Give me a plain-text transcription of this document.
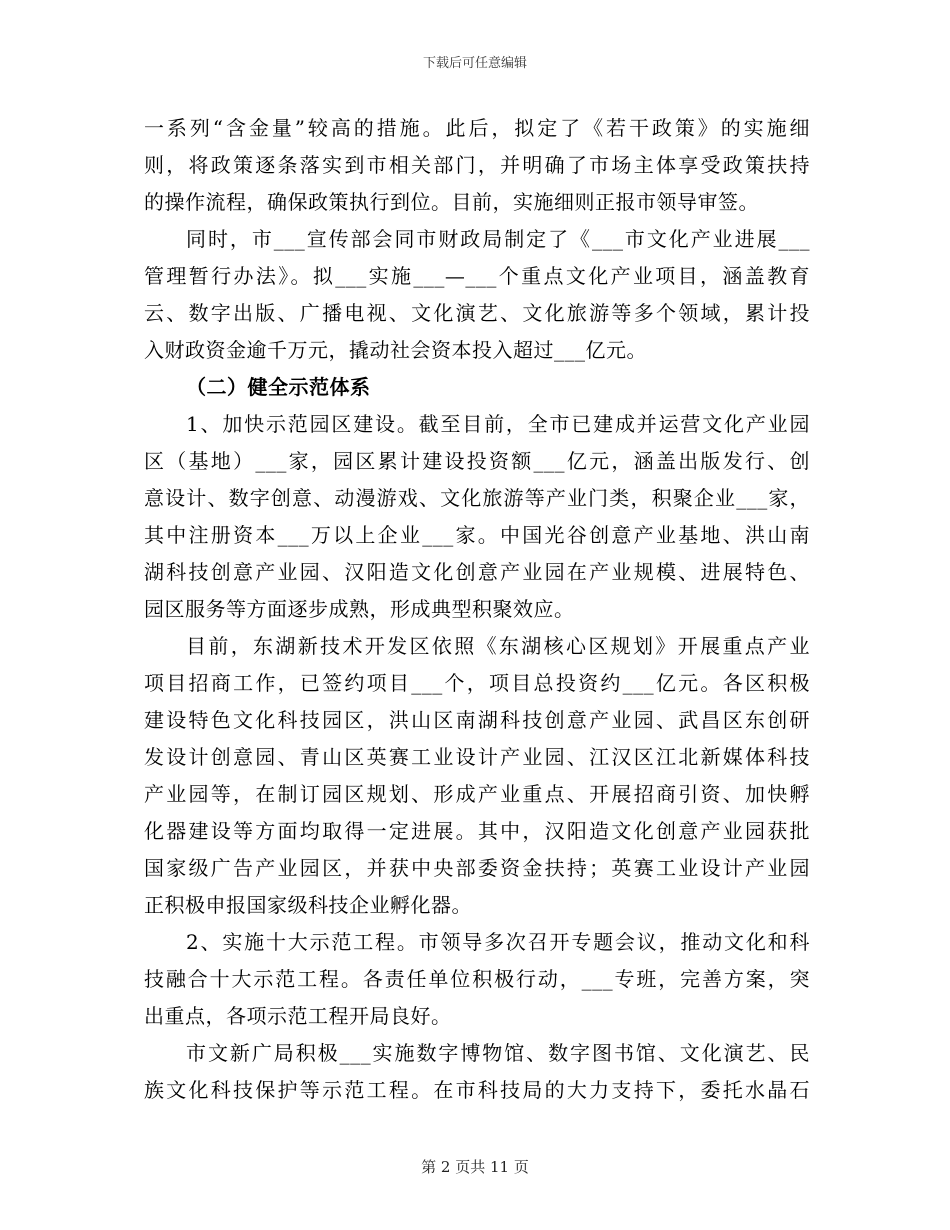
下载后可任意编辑
一系列“含金量”较高的措施。此后，拟定了《若干政策》的实施细
则，将政策逐条落实到市相关部门，并明确了市场主体享受政策扶持
的操作流程，确保政策执行到位。目前，实施细则正报市领导审签。
同时，市___宣传部会同市财政局制定了《___市文化产业进展___
管理暂行办法》。拟___实施___—___个重点文化产业项目，涵盖教育
云、数字出版、广播电视、文化演艺、文化旅游等多个领域，累计投
入财政资金逾千万元，撬动社会资本投入超过___亿元。
（二）健全示范体系
1、加快示范园区建设。截至目前，全市已建成并运营文化产业园
区（基地）___家，园区累计建设投资额___亿元，涵盖出版发行、创
意设计、数字创意、动漫游戏、文化旅游等产业门类，积聚企业___家，
其中注册资本___万以上企业___家。中国光谷创意产业基地、洪山南
湖科技创意产业园、汉阳造文化创意产业园在产业规模、进展特色、
园区服务等方面逐步成熟，形成典型积聚效应。
目前，东湖新技术开发区依照《东湖核心区规划》开展重点产业
项目招商工作，已签约项目___个，项目总投资约___亿元。各区积极
建设特色文化科技园区，洪山区南湖科技创意产业园、武昌区东创研
发设计创意园、青山区英赛工业设计产业园、江汉区江北新媒体科技
产业园等，在制订园区规划、形成产业重点、开展招商引资、加快孵
化器建设等方面均取得一定进展。其中，汉阳造文化创意产业园获批
国家级广告产业园区，并获中央部委资金扶持；英赛工业设计产业园
正积极申报国家级科技企业孵化器。
2、实施十大示范工程。市领导多次召开专题会议，推动文化和科
技融合十大示范工程。各责任单位积极行动，___专班，完善方案，突
出重点，各项示范工程开局良好。
市文新广局积极___实施数字博物馆、数字图书馆、文化演艺、民
族文化科技保护等示范工程。在市科技局的大力支持下，委托水晶石
第 2 页共 11 页
